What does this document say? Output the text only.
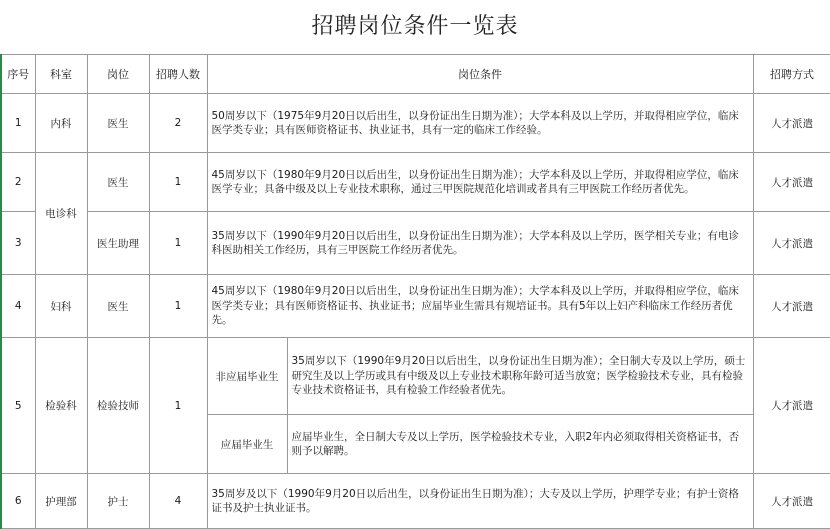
招聘岗位条件一览表
序号	科室	岗位	招聘人数	岗位条件		招聘方式
1	内科	医生	2	50周岁以下（1975年9月20日以后出生，以身份证出生日期为准）；大学本科及以上学历，并取得相应学位，临床医学类专业；具有医师资格证书、执业证书，具有一定的临床工作经验。		人才派遣
2	电诊科	医生	1	45周岁以下（1980年9月20日以后出生，以身份证出生日期为准）；大学本科及以上学历，并取得相应学位，临床医学专业；具备中级及以上专业技术职称，通过三甲医院规范化培训或者具有三甲医院工作经历者优先。		人才派遣
3		医生助理	1	35周岁以下（1990年9月20日以后出生，以身份证出生日期为准）；大学本科及以上学历，医学相关专业；有电诊科医助相关工作经历，具有三甲医院工作经历者优先。		人才派遣
4	妇科	医生	1	45周岁以下（1980年9月20日以后出生，以身份证出生日期为准）；大学本科及以上学历，并取得相应学位，临床医学类专业；具有医师资格证书、执业证书；应届毕业生需具有规培证书。具有5年以上妇产科临床工作经历者优先。		人才派遣
5	检验科	检验技师	1	非应届毕业生	35周岁以下（1990年9月20日以后出生，以身份证出生日期为准）；全日制大专及以上学历，硕士研究生及以上学历或具有中级及以上专业技术职称年龄可适当放宽；医学检验技术专业，具有检验专业技术资格证书，具有检验工作经验者优先。	人才派遣
				应届毕业生	应届毕业生，全日制大专及以上学历，医学检验技术专业，入职2年内必须取得相关资格证书，否则予以解聘。	
6	护理部	护士	4	35周岁及以下（1990年9月20日以后出生，以身份证出生日期为准）；大专及以上学历，护理学专业；有护士资格证书及护士执业证书。		人才派遣
